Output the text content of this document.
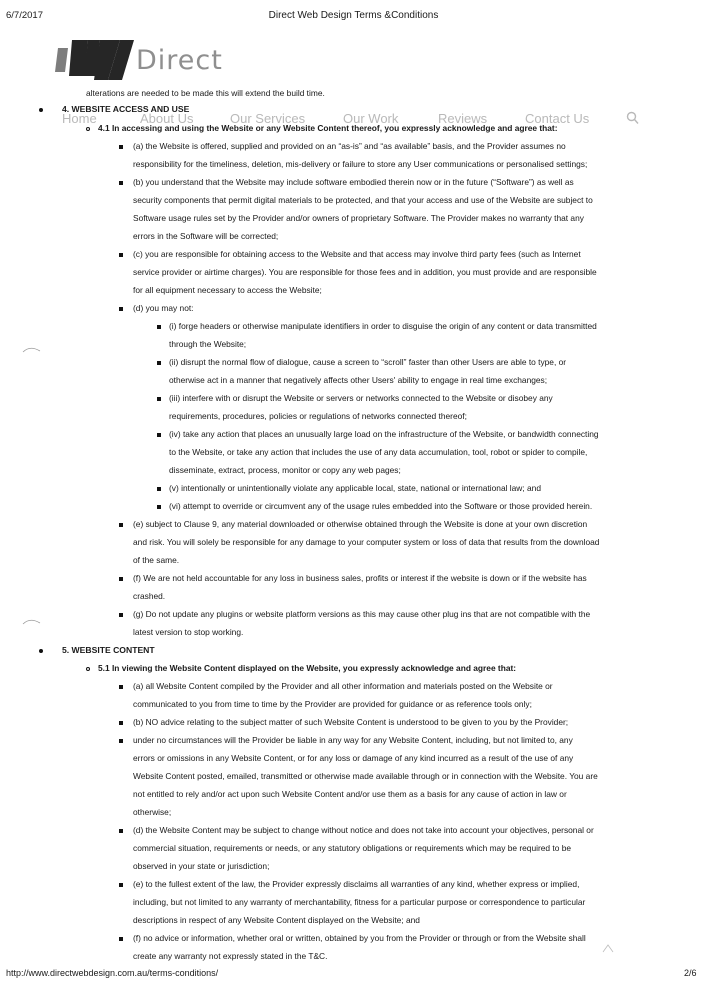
6/7/2017	Direct Web Design Terms &Conditions
Direct
Home	About Us	Our Services	Our Work	Reviews	Contact Us
alterations are needed to be made this will extend the build time.
4. WEBSITE ACCESS AND USE
4.1 In accessing and using the Website or any Website Content thereof, you expressly acknowledge and agree that:
(a) the Website is offered, supplied and provided on an “as-is” and “as available” basis, and the Provider assumes no
responsibility for the timeliness, deletion, mis-delivery or failure to store any User communications or personalised settings;
(b) you understand that the Website may include software embodied therein now or in the future (“Software”) as well as
security components that permit digital materials to be protected, and that your access and use of the Website are subject to
Software usage rules set by the Provider and/or owners of proprietary Software. The Provider makes no warranty that any
errors in the Software will be corrected;
(c) you are responsible for obtaining access to the Website and that access may involve third party fees (such as Internet
service provider or airtime charges). You are responsible for those fees and in addition, you must provide and are responsible
for all equipment necessary to access the Website;
(d) you may not:
(i) forge headers or otherwise manipulate identifiers in order to disguise the origin of any content or data transmitted
through the Website;
(ii) disrupt the normal flow of dialogue, cause a screen to “scroll” faster than other Users are able to type, or
otherwise act in a manner that negatively affects other Users' ability to engage in real time exchanges;
(iii) interfere with or disrupt the Website or servers or networks connected to the Website or disobey any
requirements, procedures, policies or regulations of networks connected thereof;
(iv) take any action that places an unusually large load on the infrastructure of the Website, or bandwidth connecting
to the Website, or take any action that includes the use of any data accumulation, tool, robot or spider to compile,
disseminate, extract, process, monitor or copy any web pages;
(v) intentionally or unintentionally violate any applicable local, state, national or international law; and
(vi) attempt to override or circumvent any of the usage rules embedded into the Software or those provided herein.
(e) subject to Clause 9, any material downloaded or otherwise obtained through the Website is done at your own discretion
and risk. You will solely be responsible for any damage to your computer system or loss of data that results from the download
of the same.
(f) We are not held accountable for any loss in business sales, profits or interest if the website is down or if the website has
crashed.
(g) Do not update any plugins or website platform versions as this may cause other plug ins that are not compatible with the
latest version to stop working.
5. WEBSITE CONTENT
5.1 In viewing the Website Content displayed on the Website, you expressly acknowledge and agree that:
(a) all Website Content compiled by the Provider and all other information and materials posted on the Website or
communicated to you from time to time by the Provider are provided for guidance or as reference tools only;
(b) NO advice relating to the subject matter of such Website Content is understood to be given to you by the Provider;
under no circumstances will the Provider be liable in any way for any Website Content, including, but not limited to, any
errors or omissions in any Website Content, or for any loss or damage of any kind incurred as a result of the use of any
Website Content posted, emailed, transmitted or otherwise made available through or in connection with the Website. You are
not entitled to rely and/or act upon such Website Content and/or use them as a basis for any cause of action in law or
otherwise;
(d) the Website Content may be subject to change without notice and does not take into account your objectives, personal or
commercial situation, requirements or needs, or any statutory obligations or requirements which may be required to be
observed in your state or jurisdiction;
(e) to the fullest extent of the law, the Provider expressly disclaims all warranties of any kind, whether express or implied,
including, but not limited to any warranty of merchantability, fitness for a particular purpose or correspondence to particular
descriptions in respect of any Website Content displayed on the Website; and
(f) no advice or information, whether oral or written, obtained by you from the Provider or through or from the Website shall
create any warranty not expressly stated in the T&C.
http://www.directwebdesign.com.au/terms-conditions/	2/6
